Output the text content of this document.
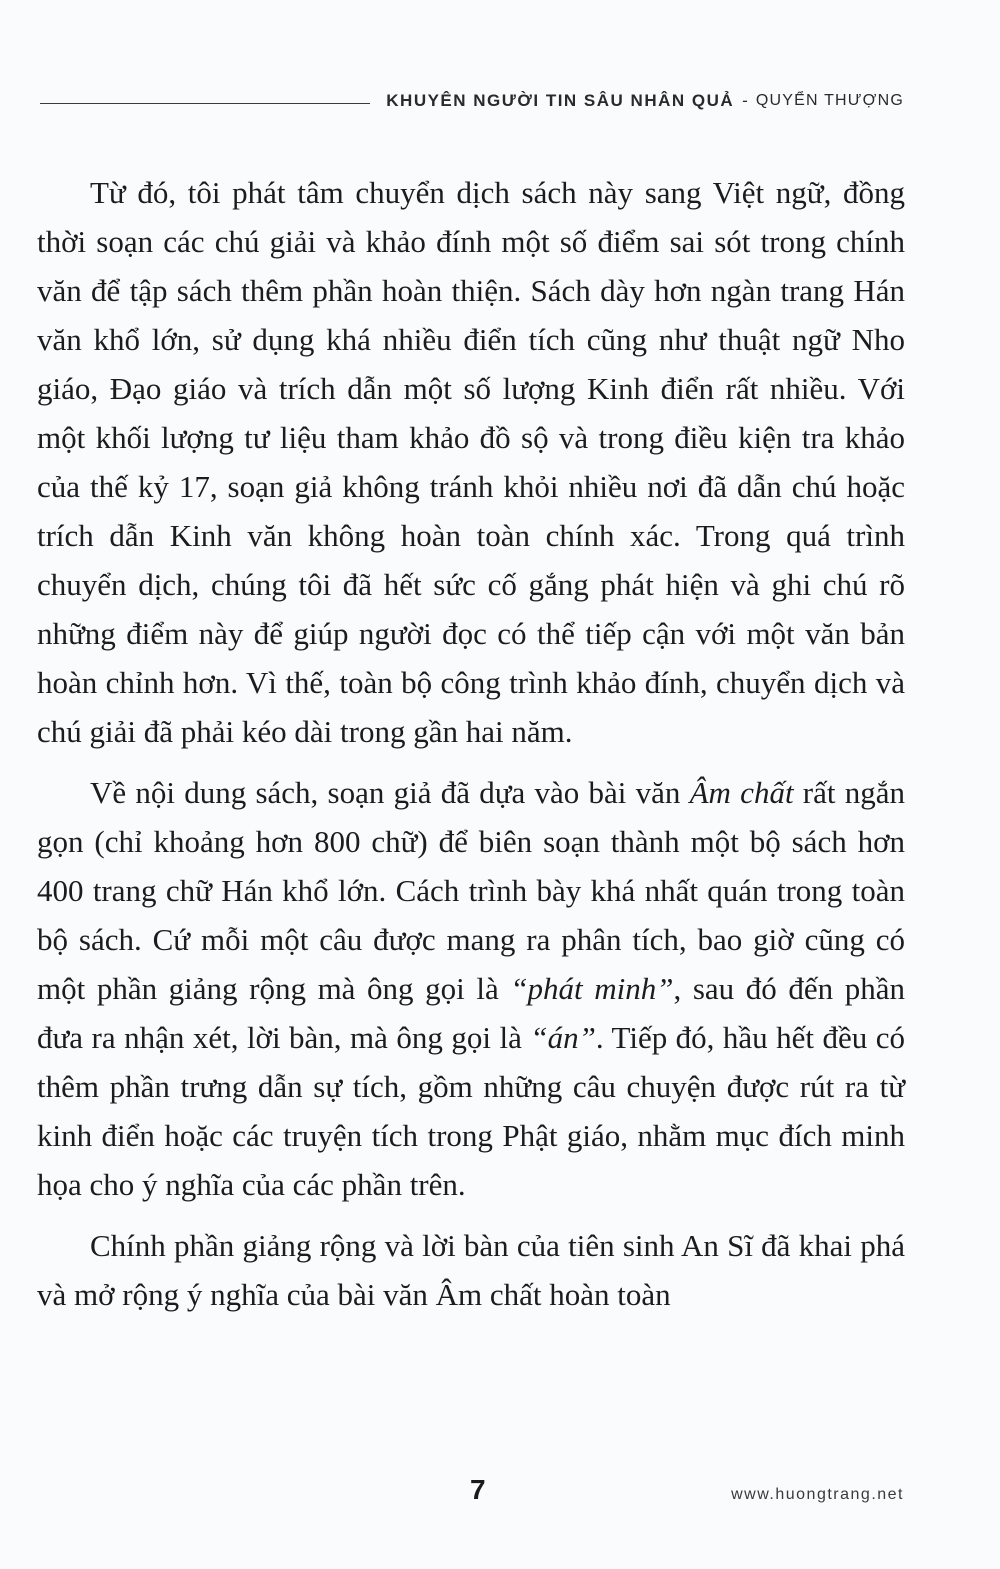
KHUYÊN NGƯỜI TIN SÂU NHÂN QUẢ - QUYỂN THƯỢNG

Từ đó, tôi phát tâm chuyển dịch sách này sang Việt ngữ, đồng thời soạn các chú giải và khảo đính một số điểm sai sót trong chính văn để tập sách thêm phần hoàn thiện. Sách dày hơn ngàn trang Hán văn khổ lớn, sử dụng khá nhiều điển tích cũng như thuật ngữ Nho giáo, Đạo giáo và trích dẫn một số lượng Kinh điển rất nhiều. Với một khối lượng tư liệu tham khảo đồ sộ và trong điều kiện tra khảo của thế kỷ 17, soạn giả không tránh khỏi nhiều nơi đã dẫn chú hoặc trích dẫn Kinh văn không hoàn toàn chính xác. Trong quá trình chuyển dịch, chúng tôi đã hết sức cố gắng phát hiện và ghi chú rõ những điểm này để giúp người đọc có thể tiếp cận với một văn bản hoàn chỉnh hơn. Vì thế, toàn bộ công trình khảo đính, chuyển dịch và chú giải đã phải kéo dài trong gần hai năm.

Về nội dung sách, soạn giả đã dựa vào bài văn Âm chất rất ngắn gọn (chỉ khoảng hơn 800 chữ) để biên soạn thành một bộ sách hơn 400 trang chữ Hán khổ lớn. Cách trình bày khá nhất quán trong toàn bộ sách. Cứ mỗi một câu được mang ra phân tích, bao giờ cũng có một phần giảng rộng mà ông gọi là “phát minh”, sau đó đến phần đưa ra nhận xét, lời bàn, mà ông gọi là “án”. Tiếp đó, hầu hết đều có thêm phần trưng dẫn sự tích, gồm những câu chuyện được rút ra từ kinh điển hoặc các truyện tích trong Phật giáo, nhằm mục đích minh họa cho ý nghĩa của các phần trên.

Chính phần giảng rộng và lời bàn của tiên sinh An Sĩ đã khai phá và mở rộng ý nghĩa của bài văn Âm chất hoàn toàn

7	www.huongtrang.net
